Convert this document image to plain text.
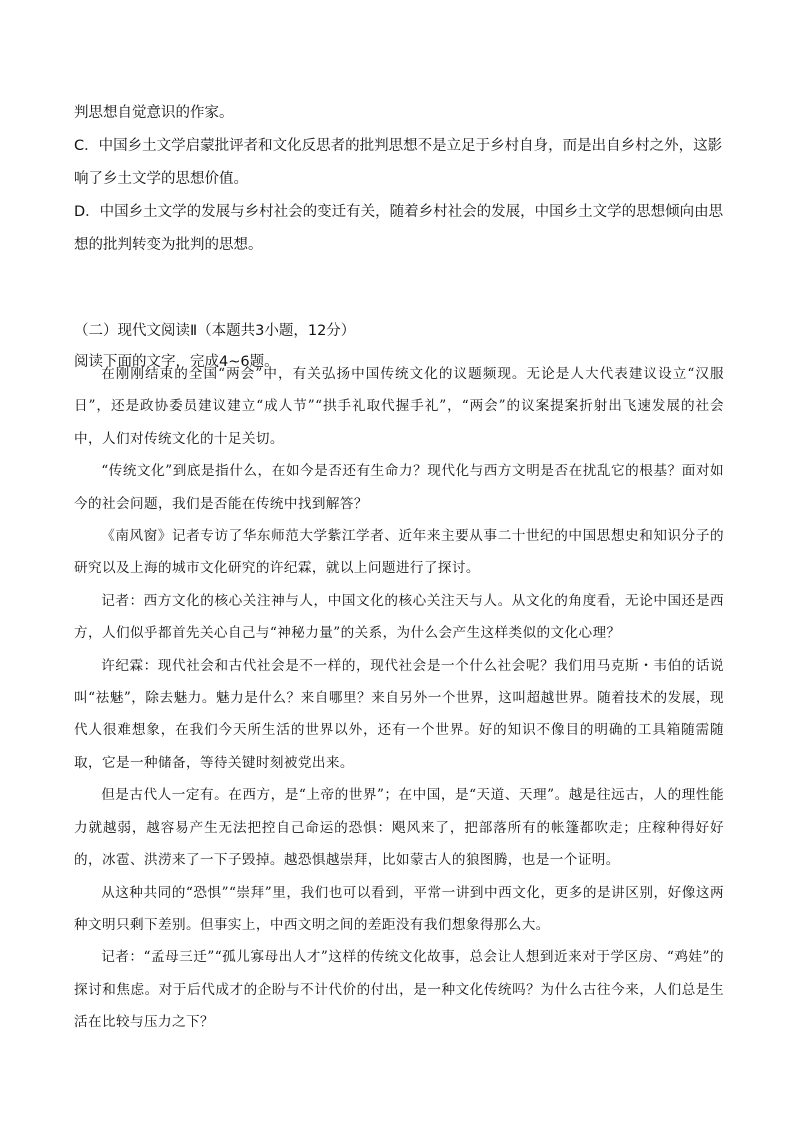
判思想自觉意识的作家。

C．中国乡土文学启蒙批评者和文化反思者的批判思想不是立足于乡村自身，而是出自乡村之外，这影响了乡土文学的思想价值。

D．中国乡土文学的发展与乡村社会的变迁有关，随着乡村社会的发展，中国乡土文学的思想倾向由思想的批判转变为批判的思想。

（二）现代文阅读Ⅱ（本题共3小题，12分）

阅读下面的文字，完成4~6题。

在刚刚结束的全国“两会”中，有关弘扬中国传统文化的议题频现。无论是人大代表建议设立“汉服日”，还是政协委员建议建立“成人节”“拱手礼取代握手礼”，“两会”的议案提案折射出飞速发展的社会中，人们对传统文化的十足关切。

“传统文化”到底是指什么，在如今是否还有生命力？现代化与西方文明是否在扰乱它的根基？面对如今的社会问题，我们是否能在传统中找到解答？

《南风窗》记者专访了华东师范大学紫江学者、近年来主要从事二十世纪的中国思想史和知识分子的研究以及上海的城市文化研究的许纪霖，就以上问题进行了探讨。

记者：西方文化的核心关注神与人，中国文化的核心关注天与人。从文化的角度看，无论中国还是西方，人们似乎都首先关心自己与“神秘力量”的关系，为什么会产生这样类似的文化心理？

许纪霖：现代社会和古代社会是不一样的，现代社会是一个什么社会呢？我们用马克斯・韦伯的话说叫“祛魅”，除去魅力。魅力是什么？来自哪里？来自另外一个世界，这叫超越世界。随着技术的发展，现代人很难想象，在我们今天所生活的世界以外，还有一个世界。好的知识不像目的明确的工具箱随需随取，它是一种储备，等待关键时刻被党出来。

但是古代人一定有。在西方，是“上帝的世界”；在中国，是“天道、天理”。越是往远古，人的理性能力就越弱，越容易产生无法把控自己命运的恐惧：飓风来了，把部落所有的帐篷都吹走；庄稼种得好好的，冰雹、洪涝来了一下子毁掉。越恐惧越崇拜，比如蒙古人的狼图腾，也是一个证明。

从这种共同的“恐惧”“崇拜”里，我们也可以看到，平常一讲到中西文化，更多的是讲区别，好像这两种文明只剩下差别。但事实上，中西文明之间的差距没有我们想象得那么大。

记者：“孟母三迁”“孤儿寡母出人才”这样的传统文化故事，总会让人想到近来对于学区房、“鸡娃”的探讨和焦虑。对于后代成才的企盼与不计代价的付出，是一种文化传统吗？为什么古往今来，人们总是生活在比较与压力之下？
